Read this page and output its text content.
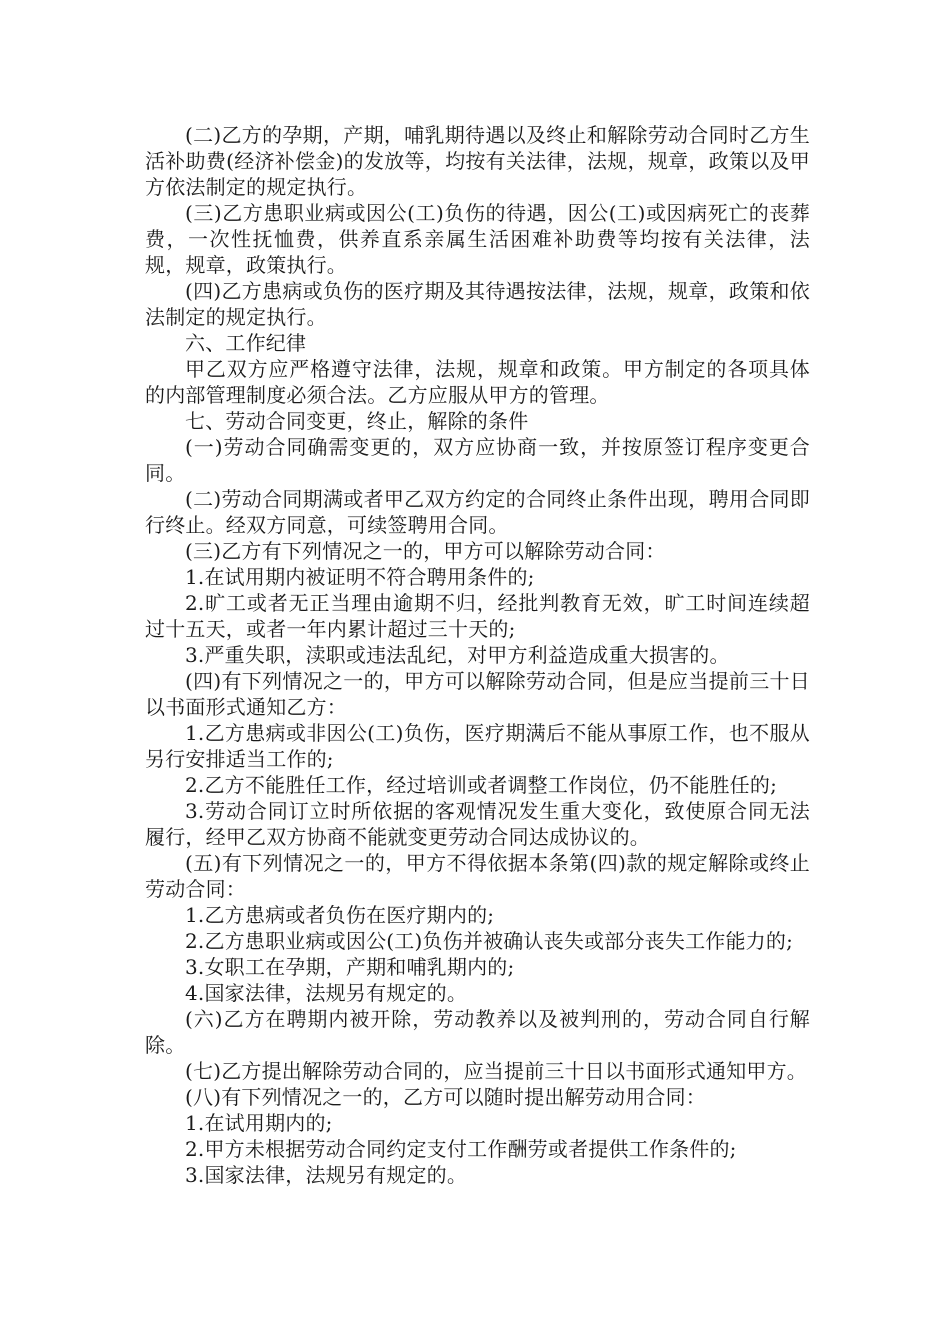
(二)乙方的孕期，产期，哺乳期待遇以及终止和解除劳动合同时乙方生活补助费(经济补偿金)的发放等，均按有关法律，法规，规章，政策以及甲方依法制定的规定执行。

(三)乙方患职业病或因公(工)负伤的待遇，因公(工)或因病死亡的丧葬费，一次性抚恤费，供养直系亲属生活困难补助费等均按有关法律，法规，规章，政策执行。

(四)乙方患病或负伤的医疗期及其待遇按法律，法规，规章，政策和依法制定的规定执行。

六、工作纪律

甲乙双方应严格遵守法律，法规，规章和政策。甲方制定的各项具体的内部管理制度必须合法。乙方应服从甲方的管理。

七、劳动合同变更，终止，解除的条件

(一)劳动合同确需变更的，双方应协商一致，并按原签订程序变更合同。

(二)劳动合同期满或者甲乙双方约定的合同终止条件出现，聘用合同即行终止。经双方同意，可续签聘用合同。

(三)乙方有下列情况之一的，甲方可以解除劳动合同：

1.在试用期内被证明不符合聘用条件的;

2.旷工或者无正当理由逾期不归，经批判教育无效，旷工时间连续超过十五天，或者一年内累计超过三十天的;

3.严重失职，渎职或违法乱纪，对甲方利益造成重大损害的。

(四)有下列情况之一的，甲方可以解除劳动合同，但是应当提前三十日以书面形式通知乙方：

1.乙方患病或非因公(工)负伤，医疗期满后不能从事原工作，也不服从另行安排适当工作的;

2.乙方不能胜任工作，经过培训或者调整工作岗位，仍不能胜任的;

3.劳动合同订立时所依据的客观情况发生重大变化，致使原合同无法履行，经甲乙双方协商不能就变更劳动合同达成协议的。

(五)有下列情况之一的，甲方不得依据本条第(四)款的规定解除或终止劳动合同：

1.乙方患病或者负伤在医疗期内的;

2.乙方患职业病或因公(工)负伤并被确认丧失或部分丧失工作能力的;

3.女职工在孕期，产期和哺乳期内的;

4.国家法律，法规另有规定的。

(六)乙方在聘期内被开除，劳动教养以及被判刑的，劳动合同自行解除。

(七)乙方提出解除劳动合同的，应当提前三十日以书面形式通知甲方。

(八)有下列情况之一的，乙方可以随时提出解劳动用合同：

1.在试用期内的;

2.甲方未根据劳动合同约定支付工作酬劳或者提供工作条件的;

3.国家法律，法规另有规定的。
